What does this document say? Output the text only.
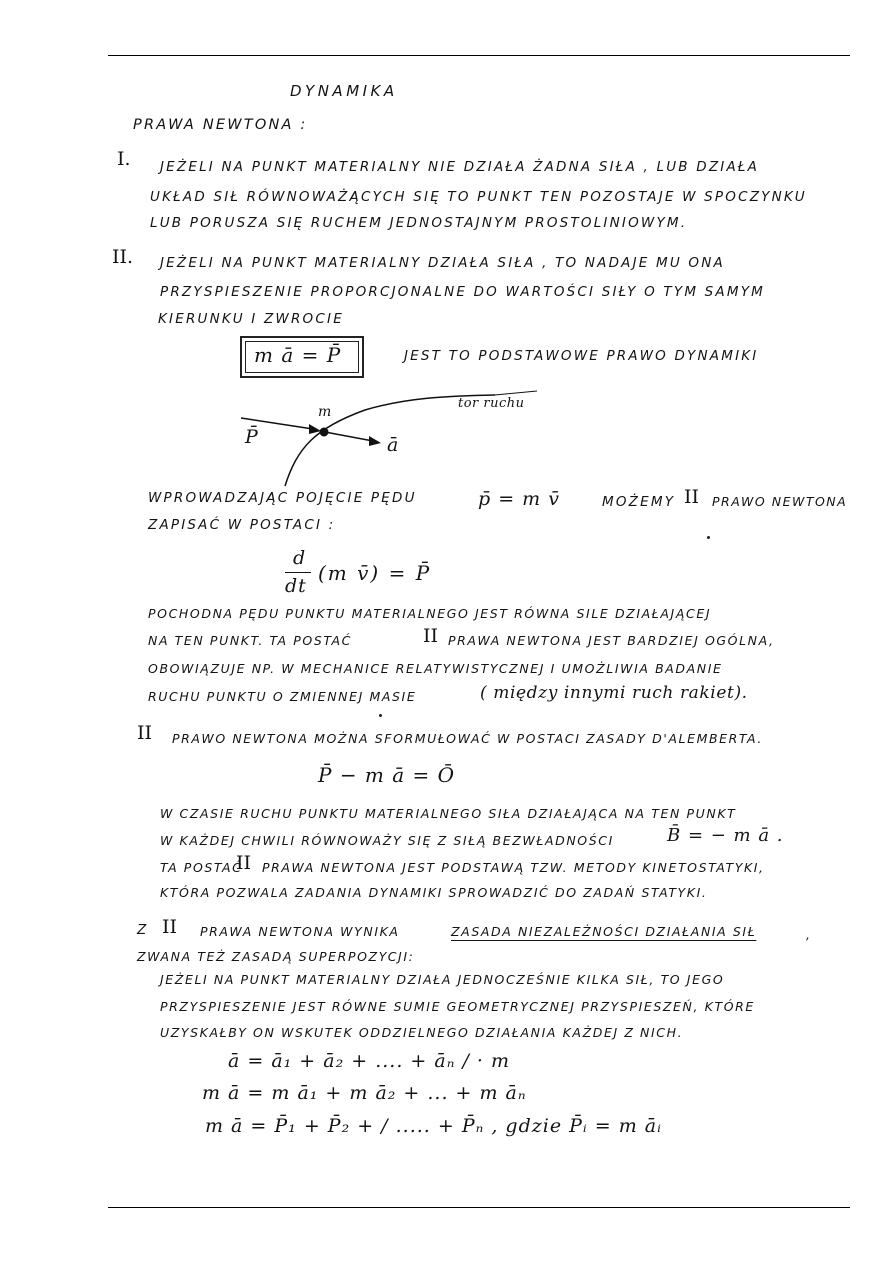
DYNAMIKA
PRAWA NEWTONA :
I. JEŻELI NA PUNKT MATERIALNY NIE DZIAŁA ŻADNA SIŁA , LUB DZIAŁA
UKŁAD SIŁ RÓWNOWAŻĄCYCH SIĘ TO PUNKT TEN POZOSTAJE W SPOCZYNKU
LUB PORUSZA SIĘ RUCHEM JEDNOSTAJNYM PROSTOLINIOWYM.
II. JEŻELI NA PUNKT MATERIALNY DZIAŁA SIŁA , TO NADAJE MU ONA
PRZYSPIESZENIE PROPORCJONALNE DO WARTOŚCI SIŁY O TYM SAMYM
KIERUNKU I ZWROCIE
m ā = P̄	JEST TO PODSTAWOWE PRAWO DYNAMIKI
m
P̄	ā
tor ruchu
WPROWADZAJĄC POJĘCIE PĘDU	p̄ = m v̄	MOŻEMY II PRAWO NEWTONA
ZAPISAĆ W POSTACI :
d
dt
(m v̄) = P̄
POCHODNA PĘDU PUNKTU MATERIALNEGO JEST RÓWNA SILE DZIAŁAJĄCEJ
NA TEN PUNKT. TA POSTAĆ	II PRAWA NEWTONA JEST BARDZIEJ OGÓLNA,
OBOWIĄZUJE NP. W MECHANICE RELATYWISTYCZNEJ I UMOŻLIWIA BADANIE
RUCHU PUNKTU O ZMIENNEJ MASIE	( między innymi ruch rakiet).
II PRAWO NEWTONA MOŻNA SFORMUŁOWAĆ W POSTACI ZASADY D'ALEMBERTA.
P̄ − m ā = Ō
W CZASIE RUCHU PUNKTU MATERIALNEGO SIŁA DZIAŁAJĄCA NA TEN PUNKT
W KAŻDEJ CHWILI RÓWNOWAŻY SIĘ Z SIŁĄ BEZWŁADNOŚCI	B̄ = − m ā .
TA POSTAĆ
II PRAWA NEWTONA JEST PODSTAWĄ TZW. METODY KINETOSTATYKI,
KTÓRA POZWALA ZADANIA DYNAMIKI SPROWADZIĆ DO ZADAŃ STATYKI.
Z II PRAWA NEWTONA WYNIKA	ZASADA NIEZALEŻNOŚCI DZIAŁANIA SIŁ	,
ZWANA TEŻ ZASADĄ SUPERPOZYCJI:
JEŻELI NA PUNKT MATERIALNY DZIAŁA JEDNOCZEŚNIE KILKA SIŁ, TO JEGO
PRZYSPIESZENIE JEST RÓWNE SUMIE GEOMETRYCZNEJ PRZYSPIESZEŃ, KTÓRE
UZYSKAŁBY ON WSKUTEK ODDZIELNEGO DZIAŁANIA KAŻDEJ Z NICH.
ā = ā₁ + ā₂ + .... + āₙ / · m
m ā = m ā₁ + m ā₂ + ... + m āₙ
m ā = P̄₁ + P̄₂ + / ..... + P̄ₙ , gdzie P̄ᵢ = m āᵢ
